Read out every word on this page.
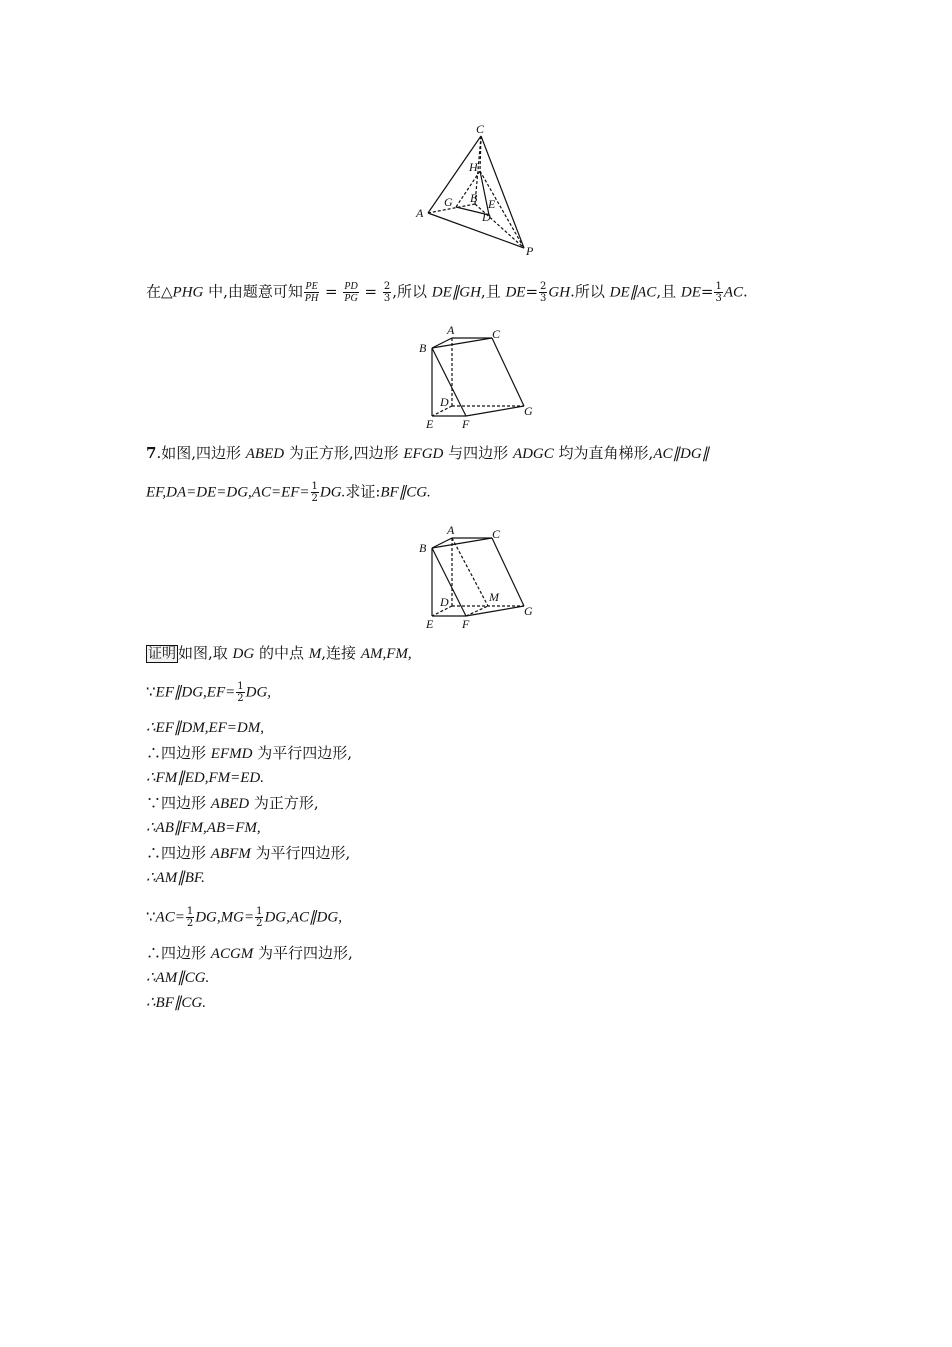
C
H
B E
G
A	D
P
在△PHG 中,由题意可知 $\frac{PE}{PH} = \frac{PD}{PG} = \frac{2}{3}$ ,所以 DE∥GH,且 $DE= \frac{2}{3}$ GH.所以 DE∥AC,且 $DE= \frac{1}{3}$ AC.
A	C
B
D
G
E F
7.如图,四边形 ABED 为正方形,四边形 EFGD 与四边形 ADGC 均为直角梯形,AC∥DG∥
$EF,DA=DE=DG,AC=EF= \frac{1}{2}$ DG.求证:BF∥CG.
A	C
B
D	M
G
E F
证明 如图,取 DG 的中点 M,连接 AM,FM,
∵EF∥DG,EF= $\frac{1}{2}$ DG,
∴EF∥DM,EF=DM,
∴四边形 EFMD 为平行四边形,
∴FM∥ED,FM=ED.
∵四边形 ABED 为正方形,
∴AB∥FM,AB=FM,
∴四边形 ABFM 为平行四边形,
∴AM∥BF.
∵AC= $\frac{1}{2} DG,MG= \frac{1}{2}$ DG,AC∥DG,
∴四边形 ACGM 为平行四边形,
∴AM∥CG.
∴BF∥CG.
